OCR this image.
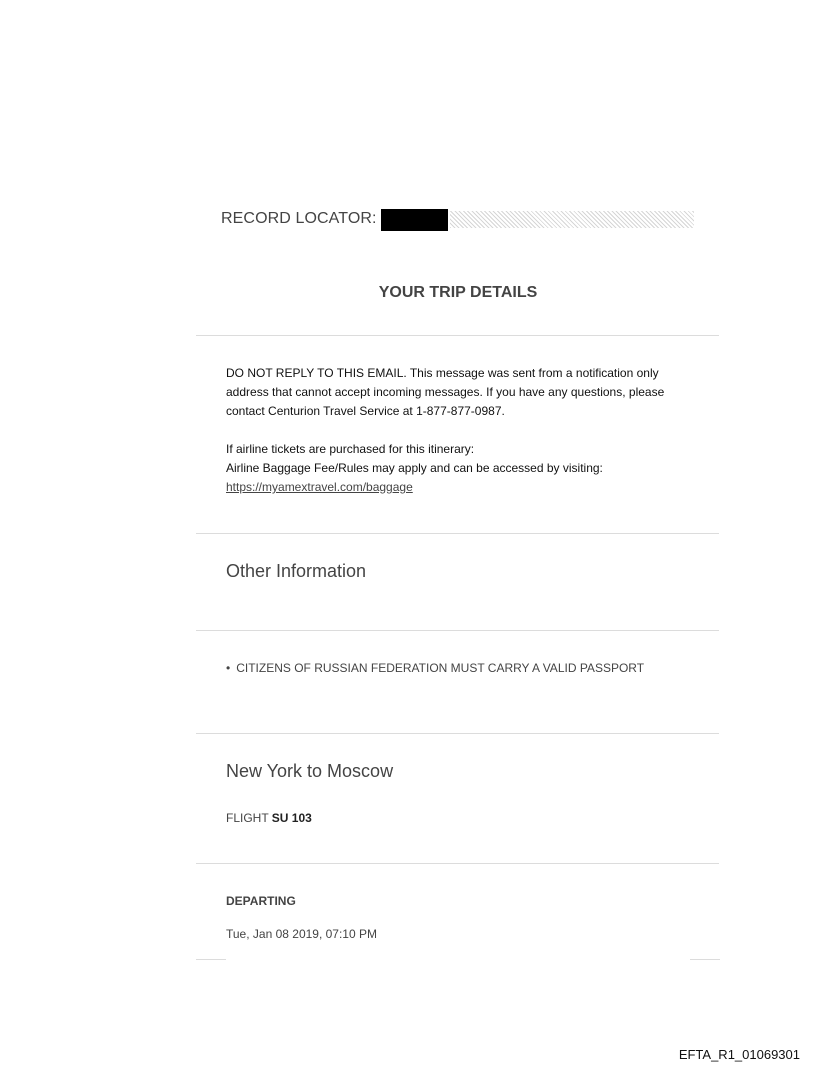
RECORD LOCATOR:
YOUR TRIP DETAILS

DO NOT REPLY TO THIS EMAIL. This message was sent from a notification only

address that cannot accept incoming messages. If you have any questions, please

contact Centurion Travel Service at 1-877-877-0987.

If airline tickets are purchased for this itinerary:

Airline Baggage Fee/Rules may apply and can be accessed by visiting:

https://myamextravel.com/baggage

Other Information
• CITIZENS OF RUSSIAN FEDERATION MUST CARRY A VALID PASSPORT
New York to Moscow
FLIGHT SU 103
DEPARTING
Tue, Jan 08 2019, 07:10 PM
EFTA_R1_01069301
